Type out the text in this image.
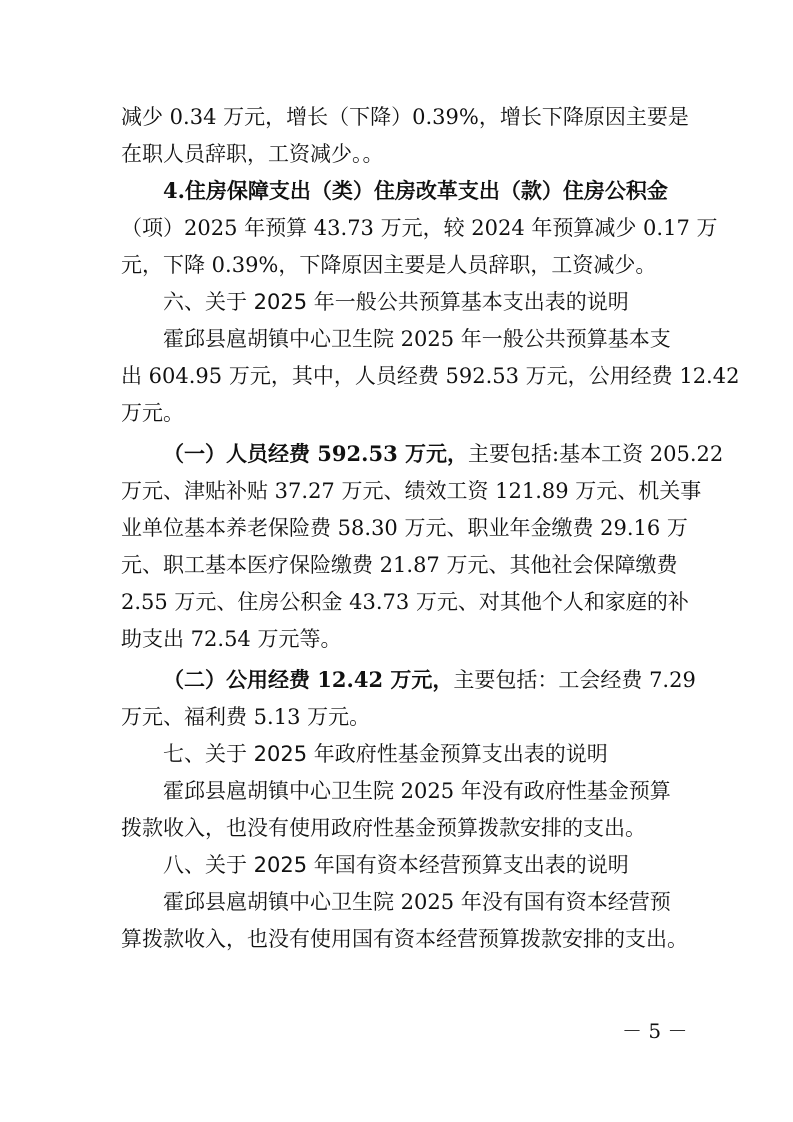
减少 0.34 万元，增长（下降）0.39%，增长下降原因主要是
在职人员辞职，工资减少。。
4.住房保障支出（类）住房改革支出（款）住房公积金
（项）2025 年预算 43.73 万元，较 2024 年预算减少 0.17 万
元，下降 0.39%，下降原因主要是人员辞职，工资减少。
六、关于 2025 年一般公共预算基本支出表的说明
霍邱县扈胡镇中心卫生院 2025 年一般公共预算基本支
出 604.95 万元，其中，人员经费 592.53 万元，公用经费 12.42
万元。
（一）人员经费 592.53 万元，主要包括:基本工资 205.22
万元、津贴补贴 37.27 万元、绩效工资 121.89 万元、机关事
业单位基本养老保险费 58.30 万元、职业年金缴费 29.16 万
元、职工基本医疗保险缴费 21.87 万元、其他社会保障缴费
2.55 万元、住房公积金 43.73 万元、对其他个人和家庭的补
助支出 72.54 万元等。
（二）公用经费 12.42 万元，主要包括：工会经费 7.29
万元、福利费 5.13 万元。
七、关于 2025 年政府性基金预算支出表的说明
霍邱县扈胡镇中心卫生院 2025 年没有政府性基金预算
拨款收入，也没有使用政府性基金预算拨款安排的支出。
八、关于 2025 年国有资本经营预算支出表的说明
霍邱县扈胡镇中心卫生院 2025 年没有国有资本经营预
算拨款收入，也没有使用国有资本经营预算拨款安排的支出。
－ 5 －
